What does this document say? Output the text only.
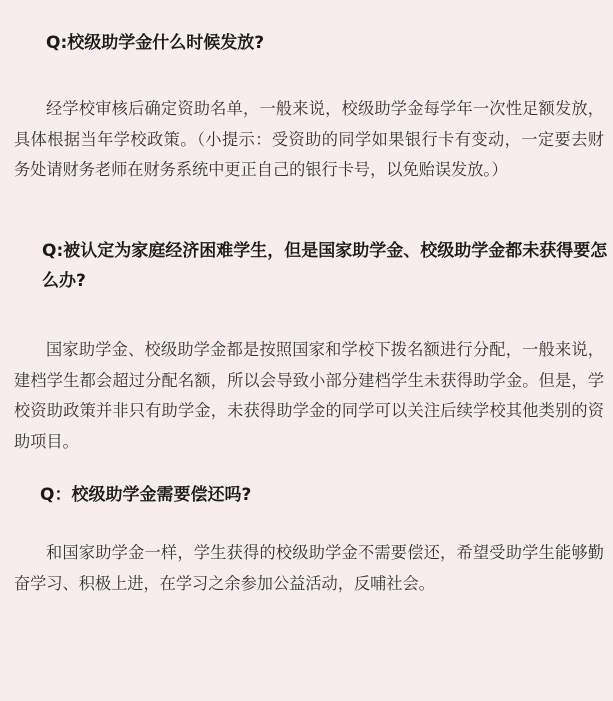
Q:校级助学金什么时候发放?

经学校审核后确定资助名单，一般来说，校级助学金每学年一次性足额发放，具体根据当年学校政策。（小提示：受资助的同学如果银行卡有变动，一定要去财务处请财务老师在财务系统中更正自己的银行卡号，以免贻误发放。）

Q:被认定为家庭经济困难学生，但是国家助学金、校级助学金都未获得要怎么办?

国家助学金、校级助学金都是按照国家和学校下拨名额进行分配，一般来说，建档学生都会超过分配名额，所以会导致小部分建档学生未获得助学金。但是，学校资助政策并非只有助学金，未获得助学金的同学可以关注后续学校其他类别的资助项目。

Q：校级助学金需要偿还吗?

和国家助学金一样，学生获得的校级助学金不需要偿还，希望受助学生能够勤奋学习、积极上进，在学习之余参加公益活动，反哺社会。
